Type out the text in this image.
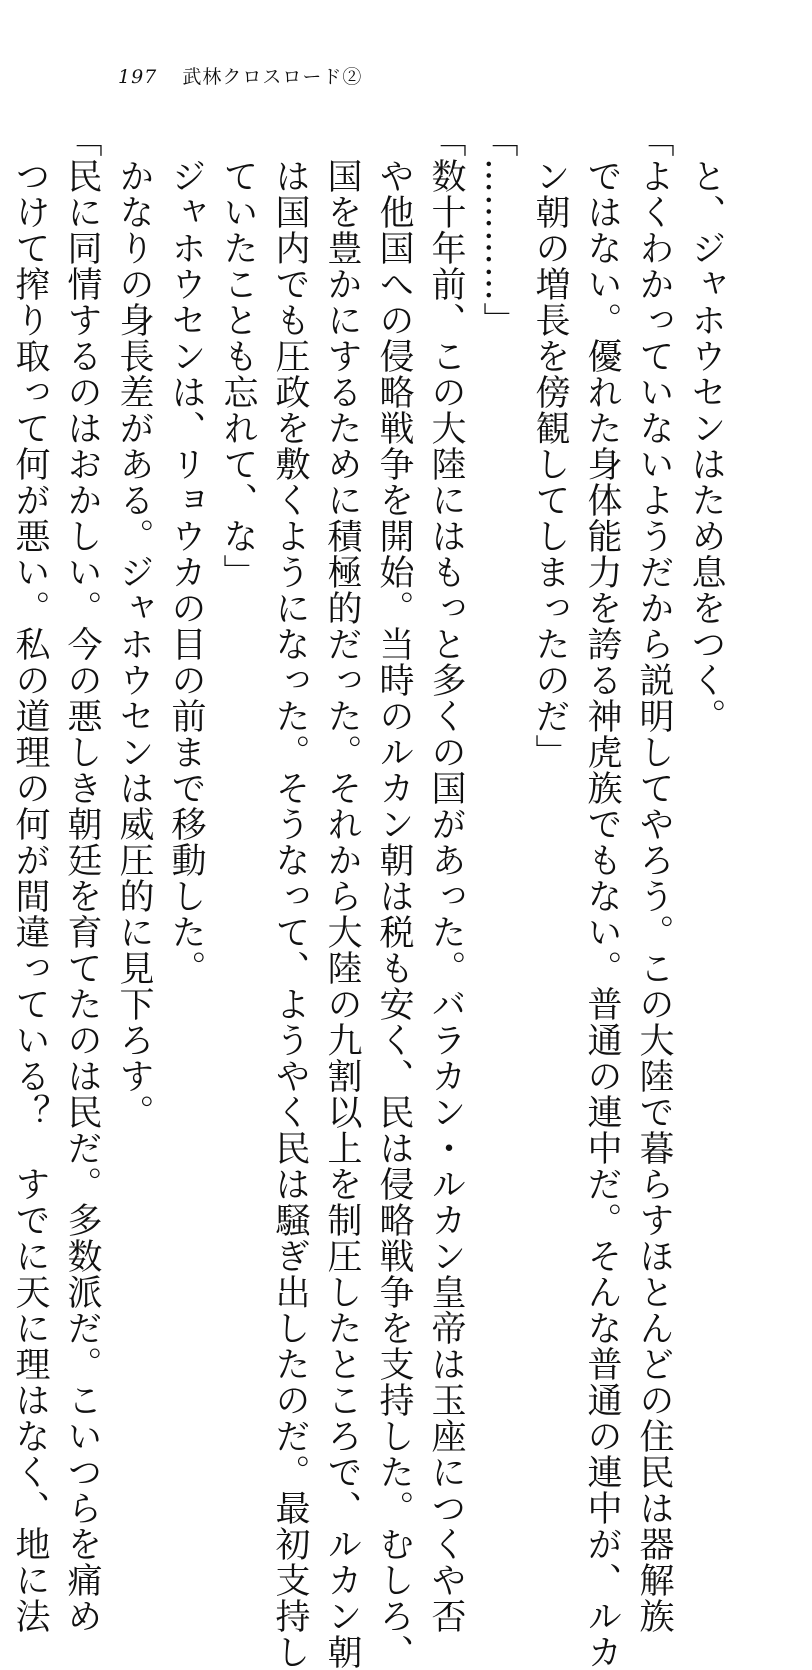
197 武林クロスロード②
と、ジャホウセンはため息をつく。
「よくわかっていないようだから説明してやろう。この大陸で暮らすほとんどの住民は器解族
ではない。優れた身体能力を誇る神虎族でもない。普通の連中だ。そんな普通の連中が、ルカ
ン朝の増長を傍観してしまったのだ」
「…………」
「数十年前、この大陸にはもっと多くの国があった。バラカン・ルカン皇帝は玉座につくや否
や他国への侵略戦争を開始。当時のルカン朝は税も安く、民は侵略戦争を支持した。むしろ、
国を豊かにするために積極的だった。それから大陸の九割以上を制圧したところで、ルカン朝
は国内でも圧政を敷くようになった。そうなって、ようやく民は騒ぎ出したのだ。最初支持し
ていたことも忘れて、な」
ジャホウセンは、リョウカの目の前まで移動した。
かなりの身長差がある。ジャホウセンは威圧的に見下ろす。
「民に同情するのはおかしい。今の悪しき朝廷を育てたのは民だ。多数派だ。こいつらを痛め
つけて搾り取って何が悪い。私の道理の何が間違っている？　すでに天に理はなく、地に法
